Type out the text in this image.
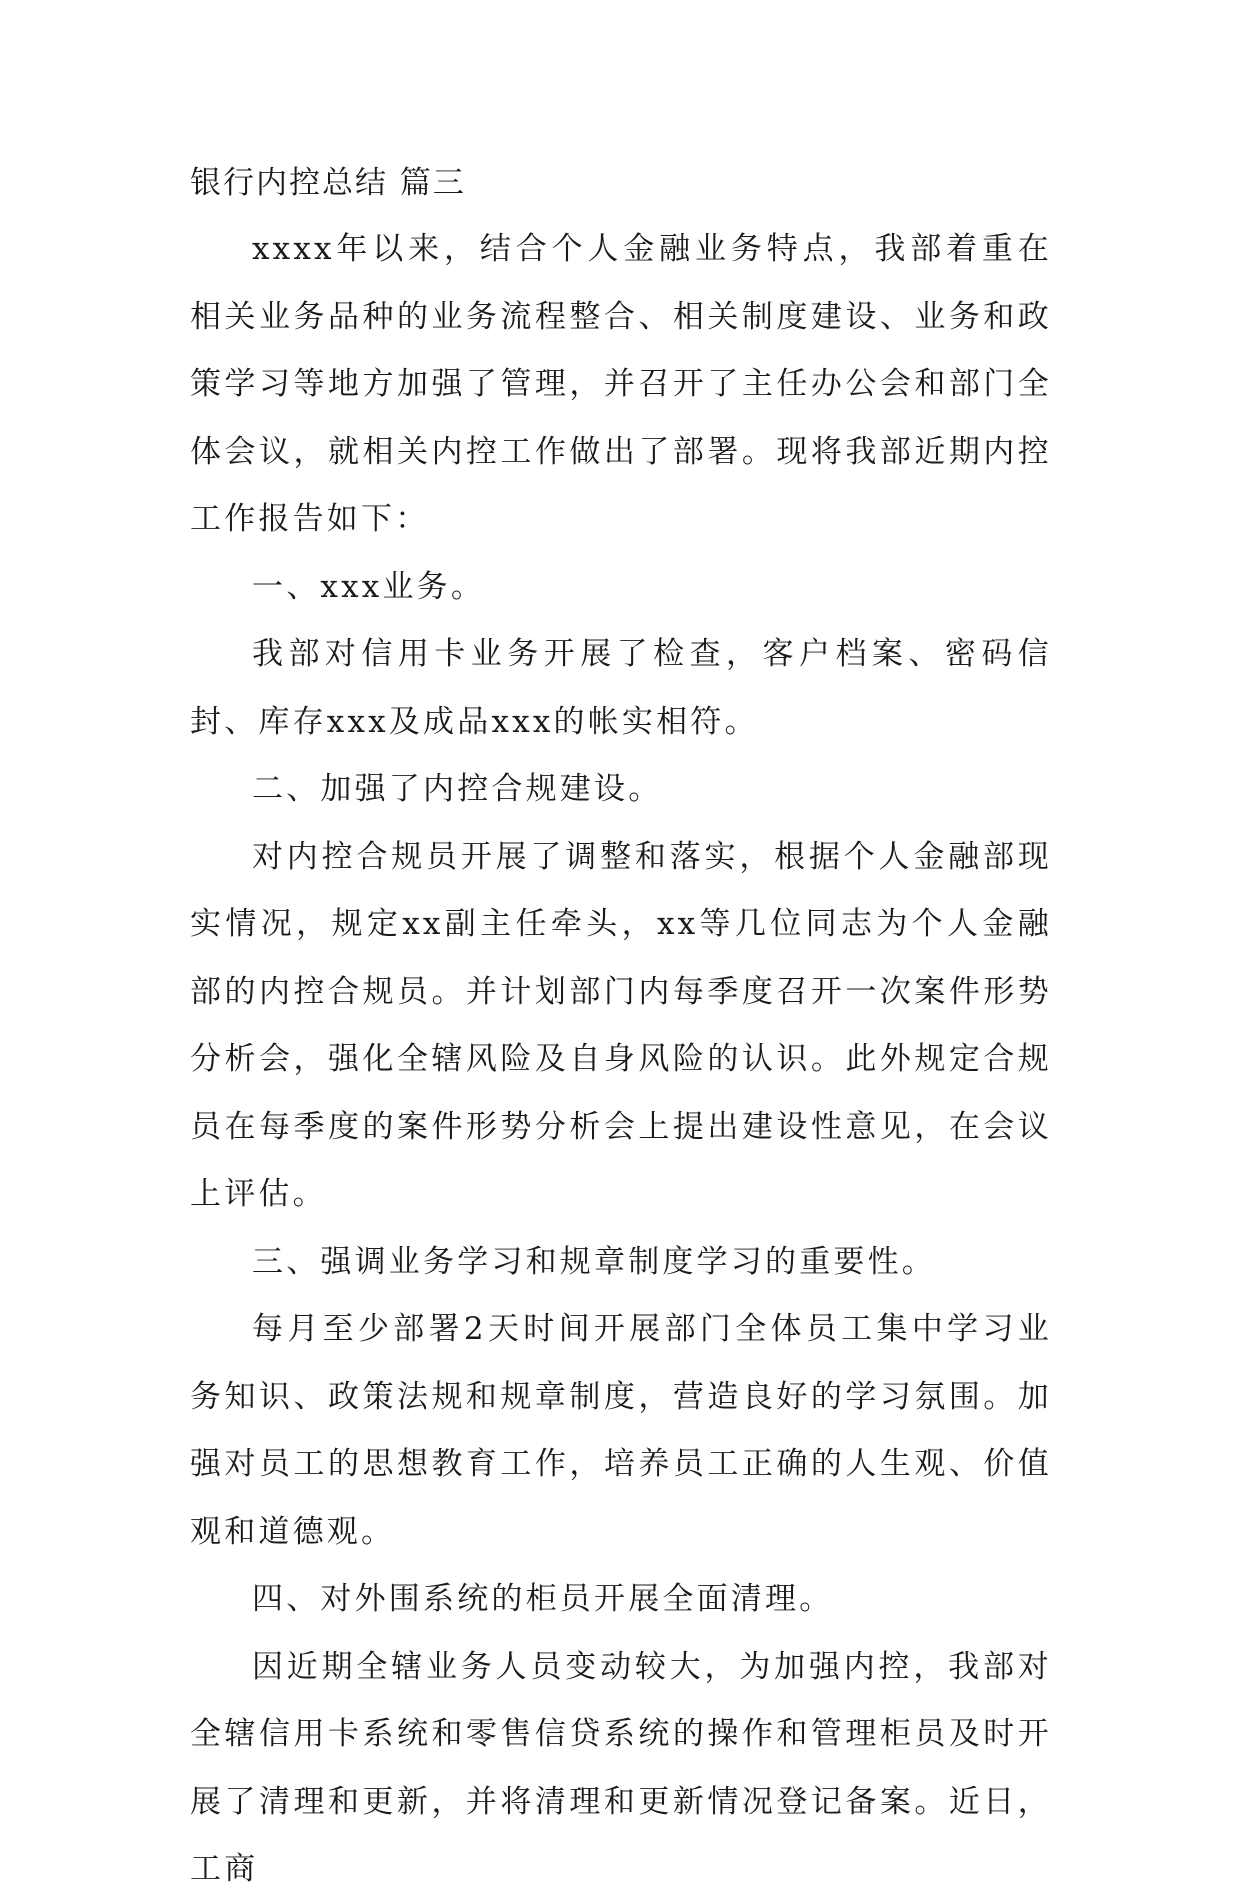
银行内控总结 篇三

xxxx年以来，结合个人金融业务特点，我部着重在相关业务品种的业务流程整合、相关制度建设、业务和政策学习等地方加强了管理，并召开了主任办公会和部门全体会议，就相关内控工作做出了部署。现将我部近期内控工作报告如下：

一、xxx业务。

我部对信用卡业务开展了检查，客户档案、密码信封、库存xxx及成品xxx的帐实相符。

二、加强了内控合规建设。

对内控合规员开展了调整和落实，根据个人金融部现实情况，规定xx副主任牵头，xx等几位同志为个人金融部的内控合规员。并计划部门内每季度召开一次案件形势分析会，强化全辖风险及自身风险的认识。此外规定合规员在每季度的案件形势分析会上提出建设性意见，在会议上评估。

三、强调业务学习和规章制度学习的重要性。

每月至少部署2天时间开展部门全体员工集中学习业务知识、政策法规和规章制度，营造良好的学习氛围。加强对员工的思想教育工作，培养员工正确的人生观、价值观和道德观。

四、对外围系统的柜员开展全面清理。

因近期全辖业务人员变动较大，为加强内控，我部对全辖信用卡系统和零售信贷系统的操作和管理柜员及时开展了清理和更新，并将清理和更新情况登记备案。近日，工商
